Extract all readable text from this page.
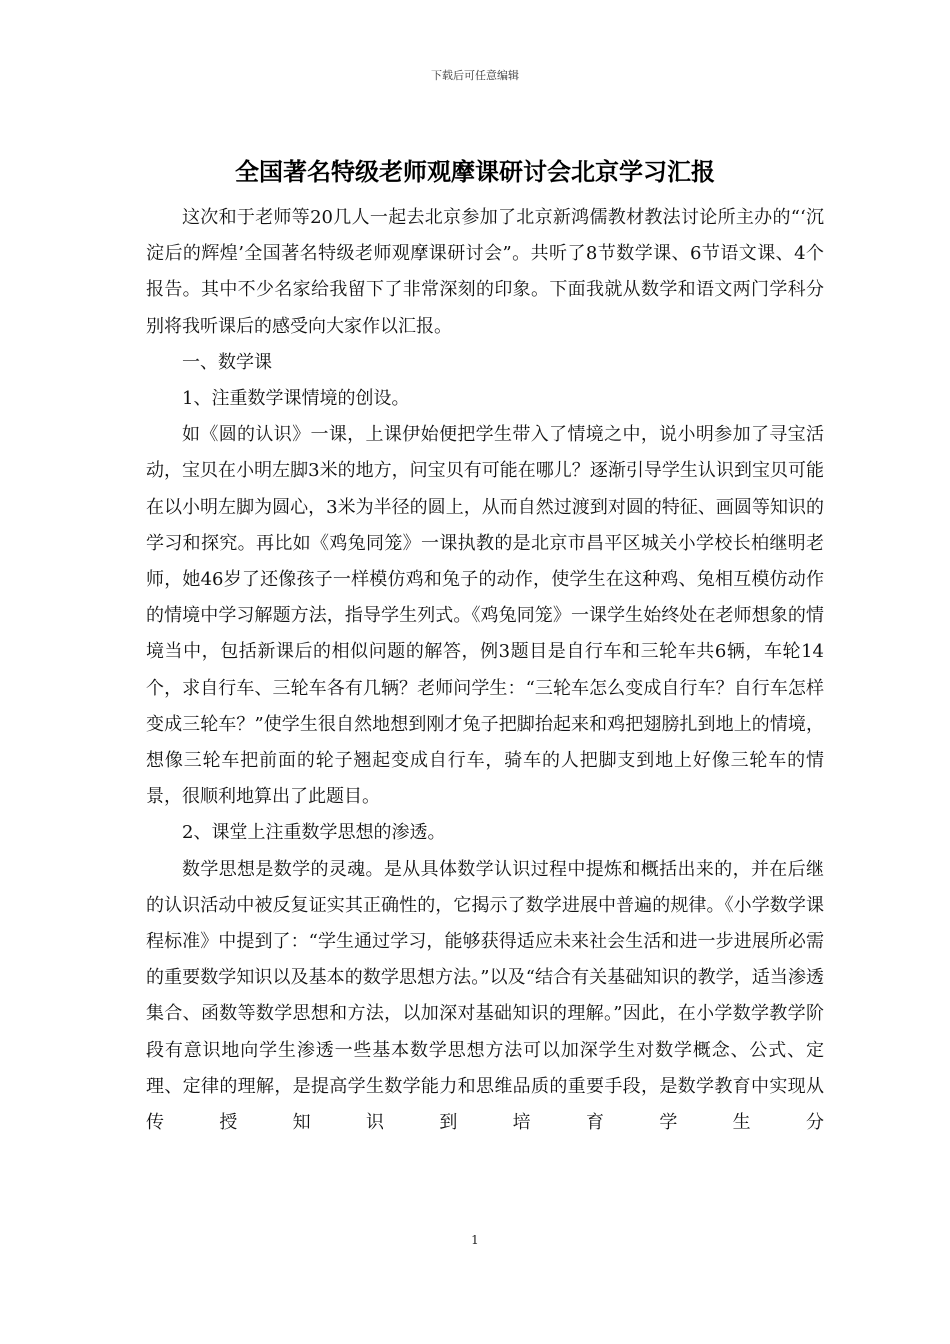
下载后可任意编辑
全国著名特级老师观摩课研讨会北京学习汇报

这次和于老师等20几人一起去北京参加了北京新鸿儒教材教法讨论所主办的“‘沉淀后的辉煌’全国著名特级老师观摩课研讨会”。共听了8节数学课、6节语文课、4个报告。其中不少名家给我留下了非常深刻的印象。下面我就从数学和语文两门学科分别将我听课后的感受向大家作以汇报。

一、数学课

1、注重数学课情境的创设。

如《圆的认识》一课，上课伊始便把学生带入了情境之中，说小明参加了寻宝活动，宝贝在小明左脚3米的地方，问宝贝有可能在哪儿？逐渐引导学生认识到宝贝可能在以小明左脚为圆心，3米为半径的圆上，从而自然过渡到对圆的特征、画圆等知识的学习和探究。再比如《鸡兔同笼》一课执教的是北京市昌平区城关小学校长柏继明老师，她46岁了还像孩子一样模仿鸡和兔子的动作，使学生在这种鸡、兔相互模仿动作的情境中学习解题方法，指导学生列式。《鸡兔同笼》一课学生始终处在老师想象的情境当中，包括新课后的相似问题的解答，例3题目是自行车和三轮车共6辆，车轮14个，求自行车、三轮车各有几辆？老师问学生：“三轮车怎么变成自行车？自行车怎样变成三轮车？”使学生很自然地想到刚才兔子把脚抬起来和鸡把翅膀扎到地上的情境，想像三轮车把前面的轮子翘起变成自行车，骑车的人把脚支到地上好像三轮车的情景，很顺利地算出了此题目。

2、课堂上注重数学思想的渗透。

数学思想是数学的灵魂。是从具体数学认识过程中提炼和概括出来的，并在后继的认识活动中被反复证实其正确性的，它揭示了数学进展中普遍的规律。《小学数学课程标准》中提到了：“学生通过学习，能够获得适应未来社会生活和进一步进展所必需的重要数学知识以及基本的数学思想方法。”以及“结合有关基础知识的教学，适当渗透集合、函数等数学思想和方法，以加深对基础知识的理解。”因此，在小学数学教学阶段有意识地向学生渗透一些基本数学思想方法可以加深学生对数学概念、公式、定理、定律的理解，是提高学生数学能力和思维品质的重要手段，是数学教育中实现从传授知识到培育学生分

1
